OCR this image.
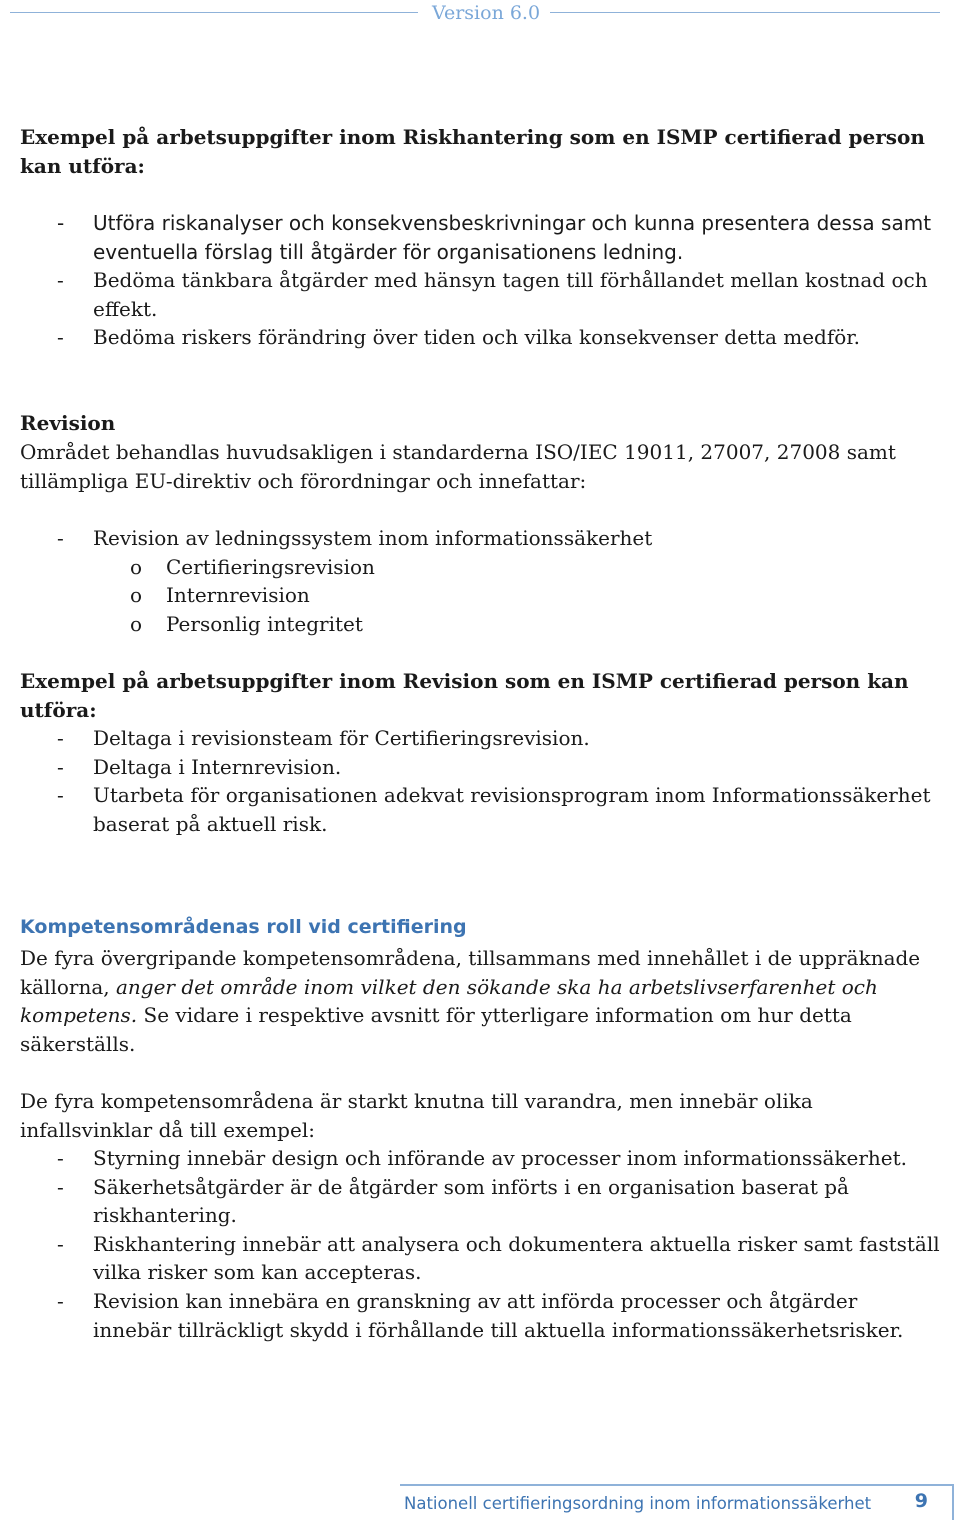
Version 6.0

Exempel på arbetsuppgifter inom Riskhantering som en ISMP certifierad person kan utföra:

- Utföra riskanalyser och konsekvensbeskrivningar och kunna presentera dessa samt eventuella förslag till åtgärder för organisationens ledning.
- Bedöma tänkbara åtgärder med hänsyn tagen till förhållandet mellan kostnad och effekt.
- Bedöma riskers förändring över tiden och vilka konsekvenser detta medför.

Revision

Området behandlas huvudsakligen i standarderna ISO/IEC 19011, 27007, 27008 samt tillämpliga EU-direktiv och förordningar och innefattar:

- Revision av ledningssystem inom informationssäkerhet
o Certifieringsrevision
o Internrevision
o Personlig integritet

Exempel på arbetsuppgifter inom Revision som en ISMP certifierad person kan utföra:

- Deltaga i revisionsteam för Certifieringsrevision.
- Deltaga i Internrevision.
- Utarbeta för organisationen adekvat revisionsprogram inom Informationssäkerhet baserat på aktuell risk.

Kompetensområdenas roll vid certifiering

De fyra övergripande kompetensområdena, tillsammans med innehållet i de uppräknade källorna, anger det område inom vilket den sökande ska ha arbetslivserfarenhet och kompetens. Se vidare i respektive avsnitt för ytterligare information om hur detta säkerställs.

De fyra kompetensområdena är starkt knutna till varandra, men innebär olika infallsvinklar då till exempel:

- Styrning innebär design och införande av processer inom informationssäkerhet.
- Säkerhetsåtgärder är de åtgärder som införts i en organisation baserat på riskhantering.
- Riskhantering innebär att analysera och dokumentera aktuella risker samt fastställ vilka risker som kan accepteras.
- Revision kan innebära en granskning av att införda processer och åtgärder innebär tillräckligt skydd i förhållande till aktuella informationssäkerhetsrisker.
Nationell certifieringsordning inom informationssäkerhet 9
